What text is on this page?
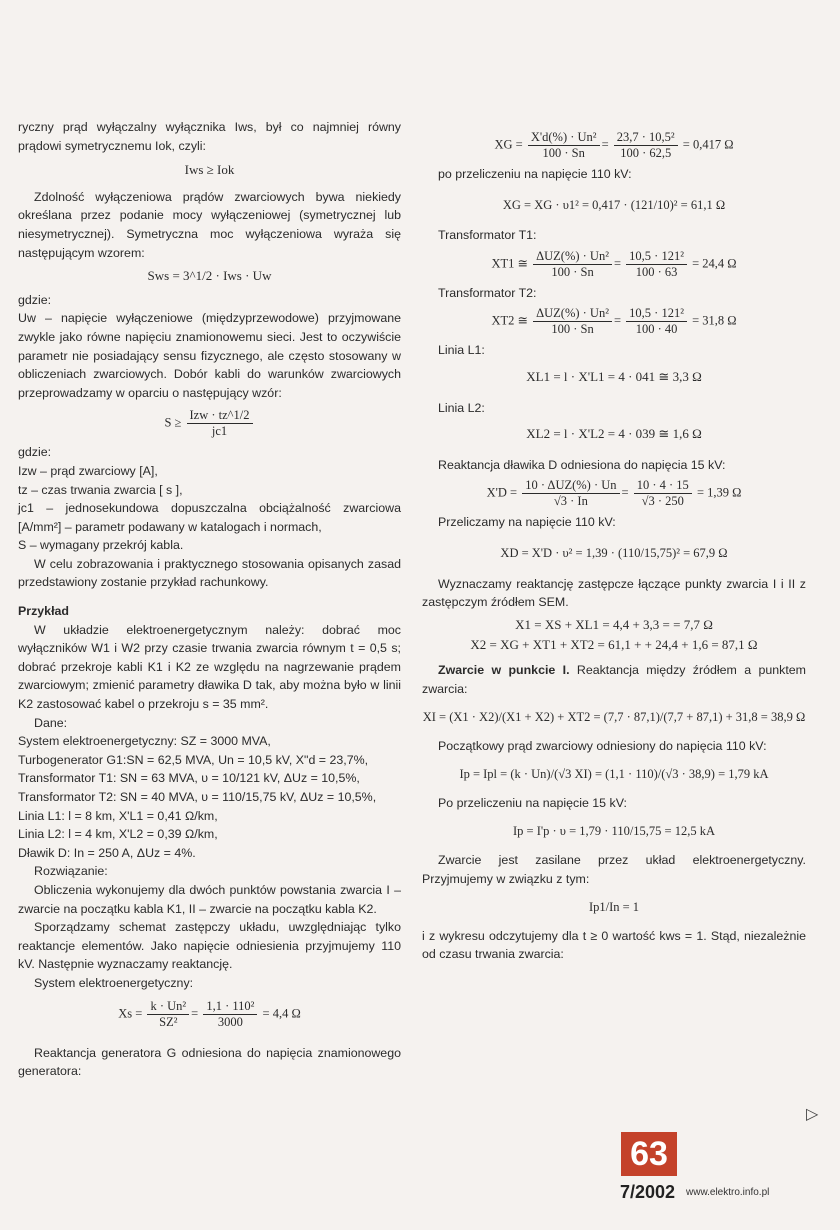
ryczny prąd wyłączalny wyłącznika Iws, był co najmniej równy prądowi symetrycznemu Iok, czyli:

Iws ≥ Iok

Zdolność wyłączeniowa prądów zwarciowych bywa niekiedy określana przez podanie mocy wyłączeniowej (symetrycznej lub niesymetrycznej). Symetryczna moc wyłączeniowa wyraża się następującym wzorem:

Sws = 3^1/2 · Iws · Uw

gdzie:

Uw – napięcie wyłączeniowe (międzyprzewodowe) przyjmowane zwykle jako równe napięciu znamionowemu sieci. Jest to oczywiście parametr nie posiadający sensu fizycznego, ale często stosowany w obliczeniach zwarciowych. Dobór kabli do warunków zwarciowych przeprowadzamy w oparciu o następujący wzór:

$S \ge \frac{\text{Izw · tz\textasciicircum{}1/2}}{jc1}$

gdzie:

Izw – prąd zwarciowy [A],

tz – czas trwania zwarcia [ s ],

jc1 – jednosekundowa dopuszczalna obciążalność zwarciowa [A/mm²] – parametr podawany w katalogach i normach,

S – wymagany przekrój kabla.

W celu zobrazowania i praktycznego stosowania opisanych zasad przedstawiony zostanie przykład rachunkowy.

Przykład

W układzie elektroenergetycznym należy: dobrać moc wyłączników W1 i W2 przy czasie trwania zwarcia równym t = 0,5 s; dobrać przekroje kabli K1 i K2 ze względu na nagrzewanie prądem zwarciowym; zmienić parametry dławika D tak, aby można było w linii K2 zastosować kabel o przekroju s = 35 mm².

Dane:

System elektroenergetyczny: SZ = 3000 MVA,

Turbogenerator G1:SN = 62,5 MVA, Un = 10,5 kV, X"d = 23,7%,

Transformator T1: SN = 63 MVA, υ = 10/121 kV, ΔUz = 10,5%,

Transformator T2: SN = 40 MVA, υ = 110/15,75 kV, ΔUz = 10,5%,

Linia L1: l = 8 km, X'L1 = 0,41 Ω/km,

Linia L2: l = 4 km, X'L2 = 0,39 Ω/km,

Dławik D: In = 250 A, ΔUz = 4%.

Rozwiązanie:

Obliczenia wykonujemy dla dwóch punktów powstania zwarcia I – zwarcie na początku kabla K1, II – zwarcie na początku kabla K2.

Sporządzamy schemat zastępczy układu, uwzględniając tylko reaktancje elementów. Jako napięcie odniesienia przyjmujemy 110 kV. Następnie wyznaczamy reaktancję.

System elektroenergetyczny:

$Xs = \frac{\text{k · Un²}}{\text{SZ²}} = \frac{\text{1,1 · 110²}}{3000} = 4,4$ Ω

Reaktancja generatora G odniesiona do napięcia znamionowego generatora:

XG = $\frac{\text{X'd(\%) · Un²}}{100 \cdot Sn} = \frac{\text{23,7 · 10,5²}}{100 \cdot 62,5} = 0,417$ Ω

po przeliczeniu na napięcie 110 kV:

XG = XG · υ1² = 0,417 · (121/10)² = 61,1 Ω

Transformator T1:

XT1 ≅ $\frac{\text{ΔUZ(\%) · Un²}}{100 \cdot Sn} = \frac{\text{10,5 · 121²}}{100 \cdot 63} = 24,4$ Ω

Transformator T2:

XT2 ≅ $\frac{\text{ΔUZ(\%) · Un²}}{100 \cdot Sn} = \frac{\text{10,5 · 121²}}{100 \cdot 40} = 31,8$ Ω

Linia L1:

XL1 = l · X'L1 = 4 · 041 ≅ 3,3 Ω

Linia L2:

XL2 = l · X'L2 = 4 · 039 ≅ 1,6 Ω

Reaktancja dławika D odniesiona do napięcia 15 kV:

$X'D = \frac{\text{10 · ΔUZ(\%) · Un}}{√3 \cdot In} = \frac{10 \cdot 4 \cdot 15}{√3 \cdot 250} = 1,39$ Ω

Przeliczamy na napięcie 110 kV:

XD = X'D · υ² = 1,39 · (110/15,75)² = 67,9 Ω

Wyznaczamy reaktancję zastępcze łączące punkty zwarcia I i II z zastępczym źródłem SEM.

X1 = XS + XL1 = 4,4 + 3,3 = = 7,7 Ω
X2 = XG + XT1 + XT2 = 61,1 + + 24,4 + 1,6 = 87,1 Ω

Zwarcie w punkcie I. Reaktancja między źródłem a punktem zwarcia:

XI = (X1 · X2)/(X1 + X2) + XT2 = (7,7 · 87,1)/(7,7 + 87,1) + 31,8 = 38,9 Ω

Początkowy prąd zwarciowy odniesiony do napięcia 110 kV:

Ip = Ipl = (k · Un)/(√3 XI) = (1,1 · 110)/(√3 · 38,9) = 1,79 kA

Po przeliczeniu na napięcie 15 kV:

Ip = I'p · υ = 1,79 · 110/15,75 = 12,5 kA

Zwarcie jest zasilane przez układ elektroenergetyczny. Przyjmujemy w związku z tym:

Ip1/In = 1

i z wykresu odczytujemy dla t ≥ 0 wartość kws = 1. Stąd, niezależnie od czasu trwania zwarcia:

▷
63
7/2002 www.elektro.info.pl
